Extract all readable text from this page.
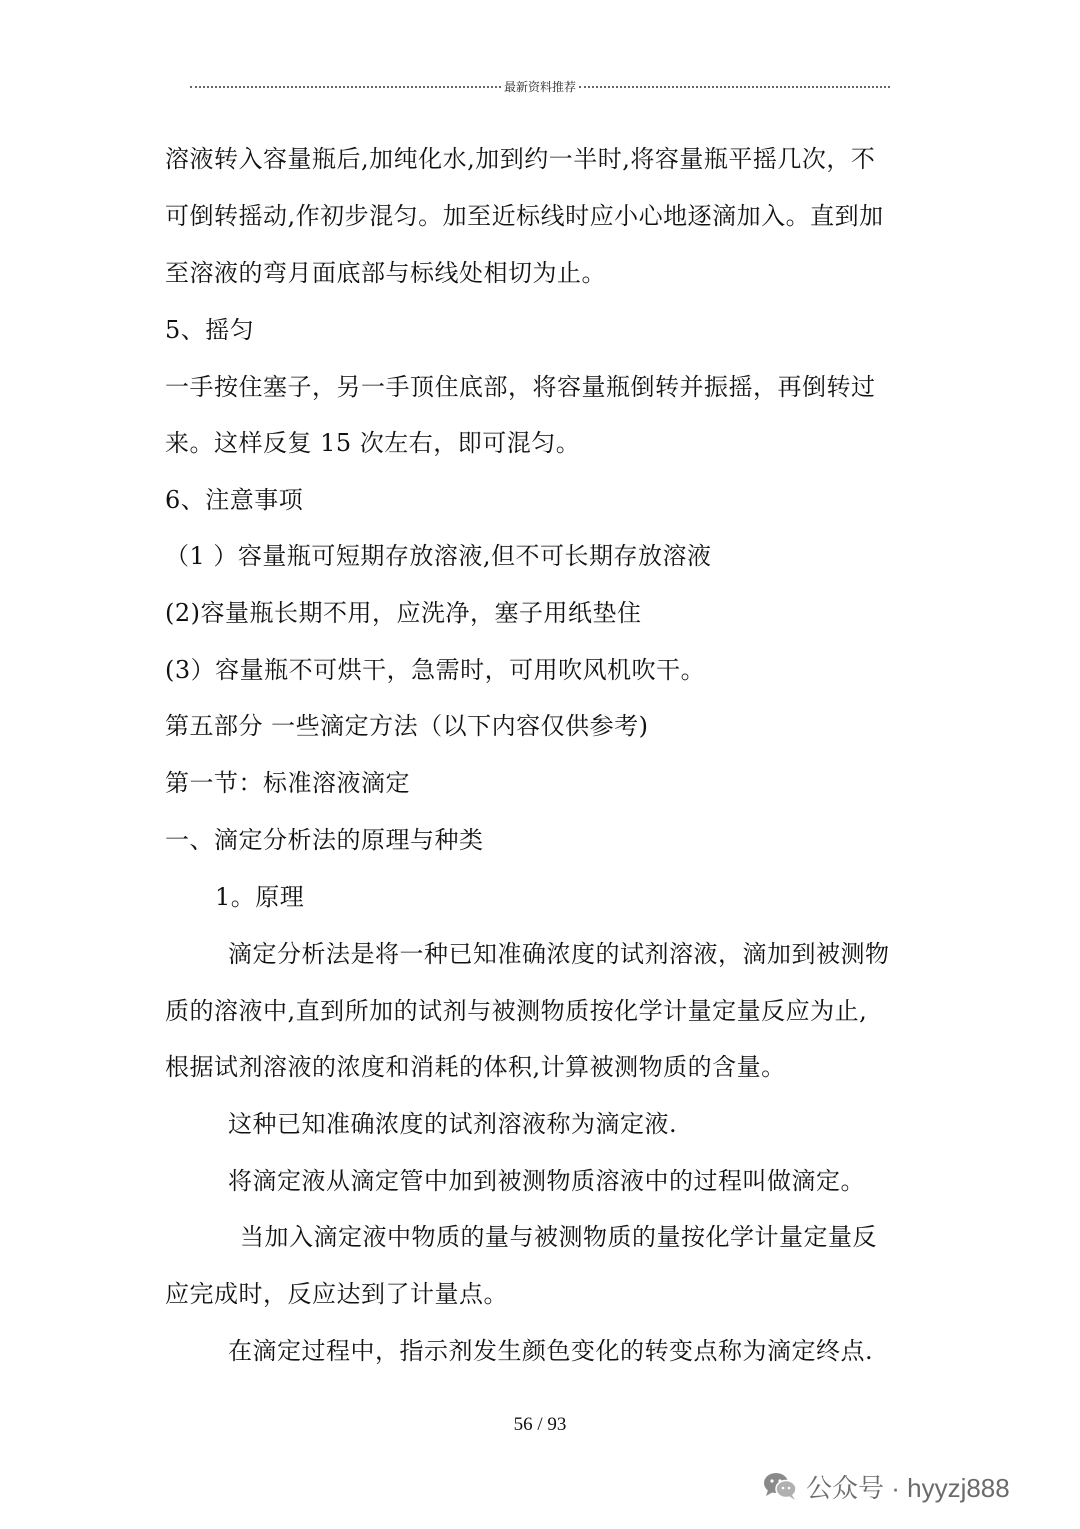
最新资料推荐
溶液转入容量瓶后,加纯化水,加到约一半时,将容量瓶平摇几次，不
可倒转摇动,作初步混匀。加至近标线时应小心地逐滴加入。直到加
至溶液的弯月面底部与标线处相切为止。
5、摇匀
一手按住塞子，另一手顶住底部，将容量瓶倒转并振摇，再倒转过
来。这样反复 15 次左右，即可混匀。
6、注意事项
（1 ）容量瓶可短期存放溶液,但不可长期存放溶液
(2)容量瓶长期不用，应洗净，塞子用纸垫住
(3）容量瓶不可烘干，急需时，可用吹风机吹干。
第五部分 一些滴定方法（以下内容仅供参考)
第一节：标准溶液滴定
一、滴定分析法的原理与种类
1。原理
滴定分析法是将一种已知准确浓度的试剂溶液，滴加到被测物
质的溶液中,直到所加的试剂与被测物质按化学计量定量反应为止,
根据试剂溶液的浓度和消耗的体积,计算被测物质的含量。
这种已知准确浓度的试剂溶液称为滴定液.
将滴定液从滴定管中加到被测物质溶液中的过程叫做滴定。
当加入滴定液中物质的量与被测物质的量按化学计量定量反
应完成时，反应达到了计量点。
在滴定过程中，指示剂发生颜色变化的转变点称为滴定终点.
56 / 93
公众号 · hyyzj888
